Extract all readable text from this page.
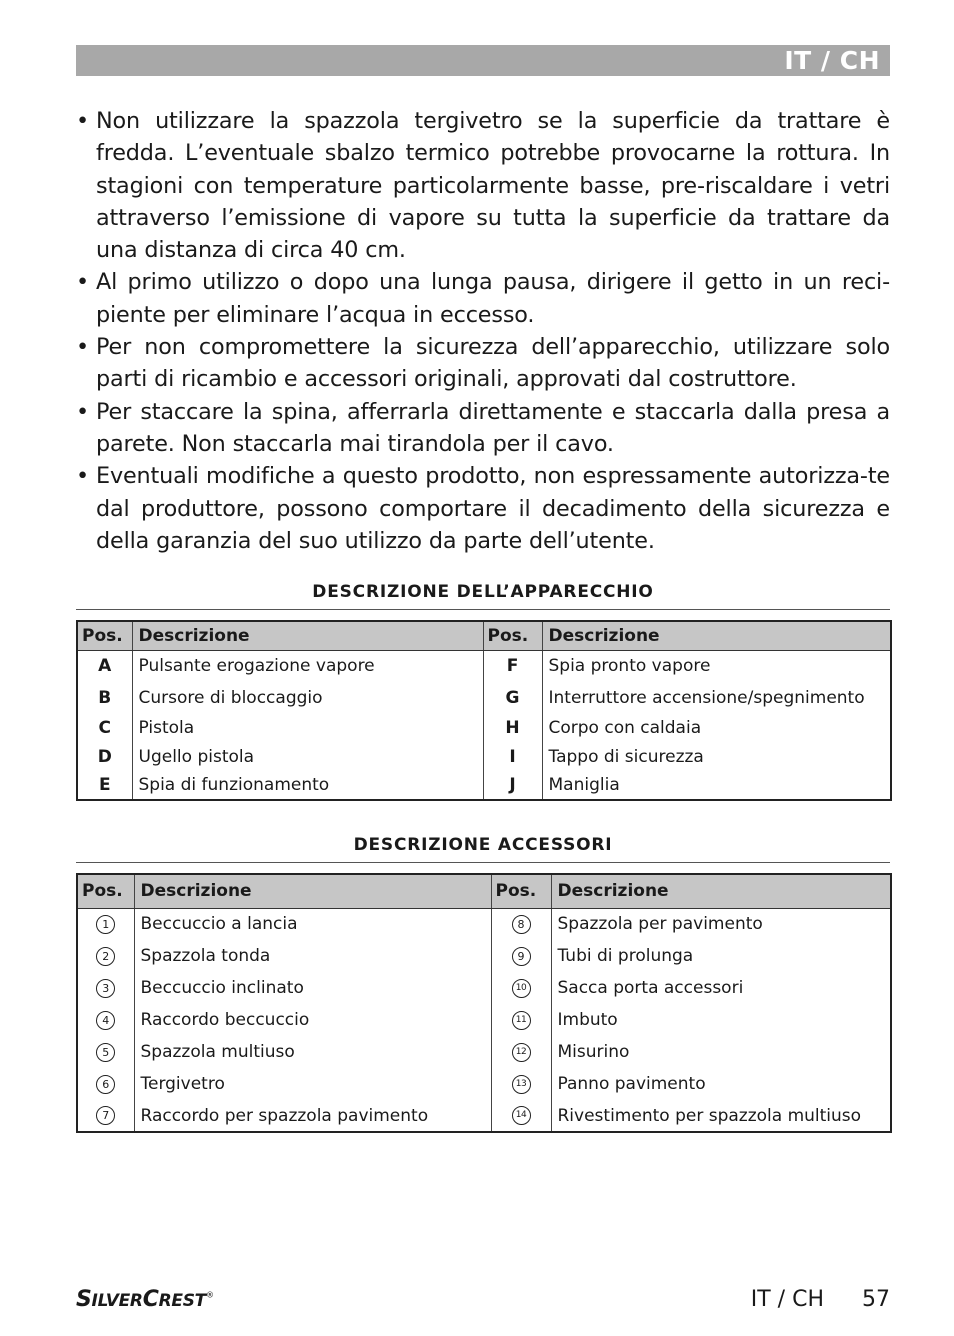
IT / CH
• Non utilizzare la spazzola tergivetro se la superficie da trattare è fredda. L’eventuale sbalzo termico potrebbe provocarne la rottura. In stagioni con temperature particolarmente basse, pre-riscaldare i vetri attraverso l’emissione di vapore su tutta la superficie da trattare da una distanza di circa 40 cm.
• Al primo utilizzo o dopo una lunga pausa, dirigere il getto in un reci-piente per eliminare l’acqua in eccesso.
• Per non compromettere la sicurezza dell’apparecchio, utilizzare solo parti di ricambio e accessori originali, approvati dal costruttore.
• Per staccare la spina, afferrarla direttamente e staccarla dalla presa a parete. Non staccarla mai tirandola per il cavo.
• Eventuali modifiche a questo prodotto, non espressamente autorizza-te dal produttore, possono comportare il decadimento della sicurezza e della garanzia del suo utilizzo da parte dell’utente.
DESCRIZIONE DELL’APPARECCHIO
Pos.	Descrizione	Pos.	Descrizione
A	Pulsante erogazione vapore	F	Spia pronto vapore
B	Cursore di bloccaggio	G	Interruttore accensione/spegnimento
C	Pistola	H	Corpo con caldaia
D	Ugello pistola	I	Tappo di sicurezza
E	Spia di funzionamento	J	Maniglia
DESCRIZIONE ACCESSORI
Pos.	Descrizione	Pos.	Descrizione
1	Beccuccio a lancia	8	Spazzola per pavimento
2	Spazzola tonda	9	Tubi di prolunga
3	Beccuccio inclinato	10	Sacca porta accessori
4	Raccordo beccuccio	11	Imbuto
5	Spazzola multiuso	12	Misurino
6	Tergivetro	13	Panno pavimento
7	Raccordo per spazzola pavimento	14	Rivestimento per spazzola multiuso
SILVERCREST®	IT / CH 57
